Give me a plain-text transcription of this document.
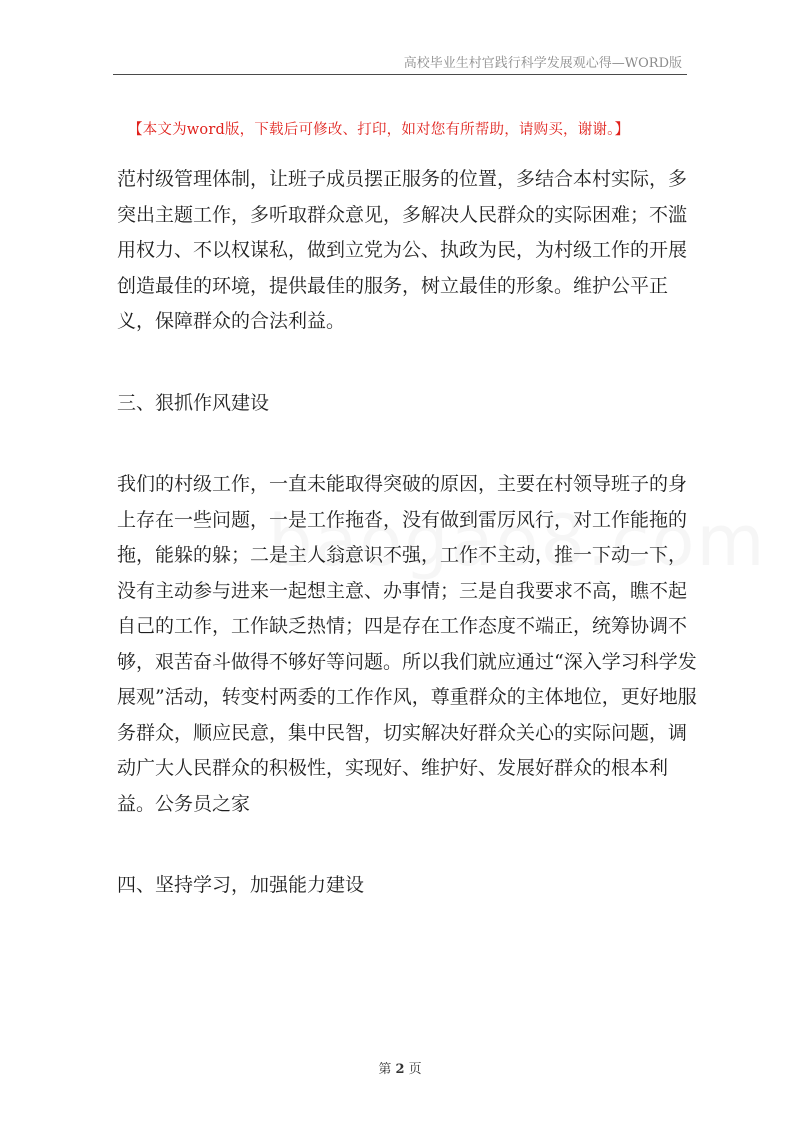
高校毕业生村官践行科学发展观心得—WORD版
【本文为word版，下载后可修改、打印，如对您有所帮助，请购买，谢谢。】

范村级管理体制，让班子成员摆正服务的位置，多结合本村实际，多突出主题工作，多听取群众意见，多解决人民群众的实际困难；不滥用权力、不以权谋私，做到立党为公、执政为民，为村级工作的开展创造最佳的环境，提供最佳的服务，树立最佳的形象。维护公平正义，保障群众的合法利益。

三、狠抓作风建设

我们的村级工作，一直未能取得突破的原因，主要在村领导班子的身上存在一些问题，一是工作拖沓，没有做到雷厉风行，对工作能拖的拖，能躲的躲；二是主人翁意识不强，工作不主动，推一下动一下，没有主动参与进来一起想主意、办事情；三是自我要求不高，瞧不起自己的工作，工作缺乏热情；四是存在工作态度不端正，统筹协调不够，艰苦奋斗做得不够好等问题。所以我们就应通过“深入学习科学发展观”活动，转变村两委的工作作风，尊重群众的主体地位，更好地服务群众，顺应民意，集中民智，切实解决好群众关心的实际问题，调动广大人民群众的积极性，实现好、维护好、发展好群众的根本利益。公务员之家

四、坚持学习，加强能力建设

第 2 页
